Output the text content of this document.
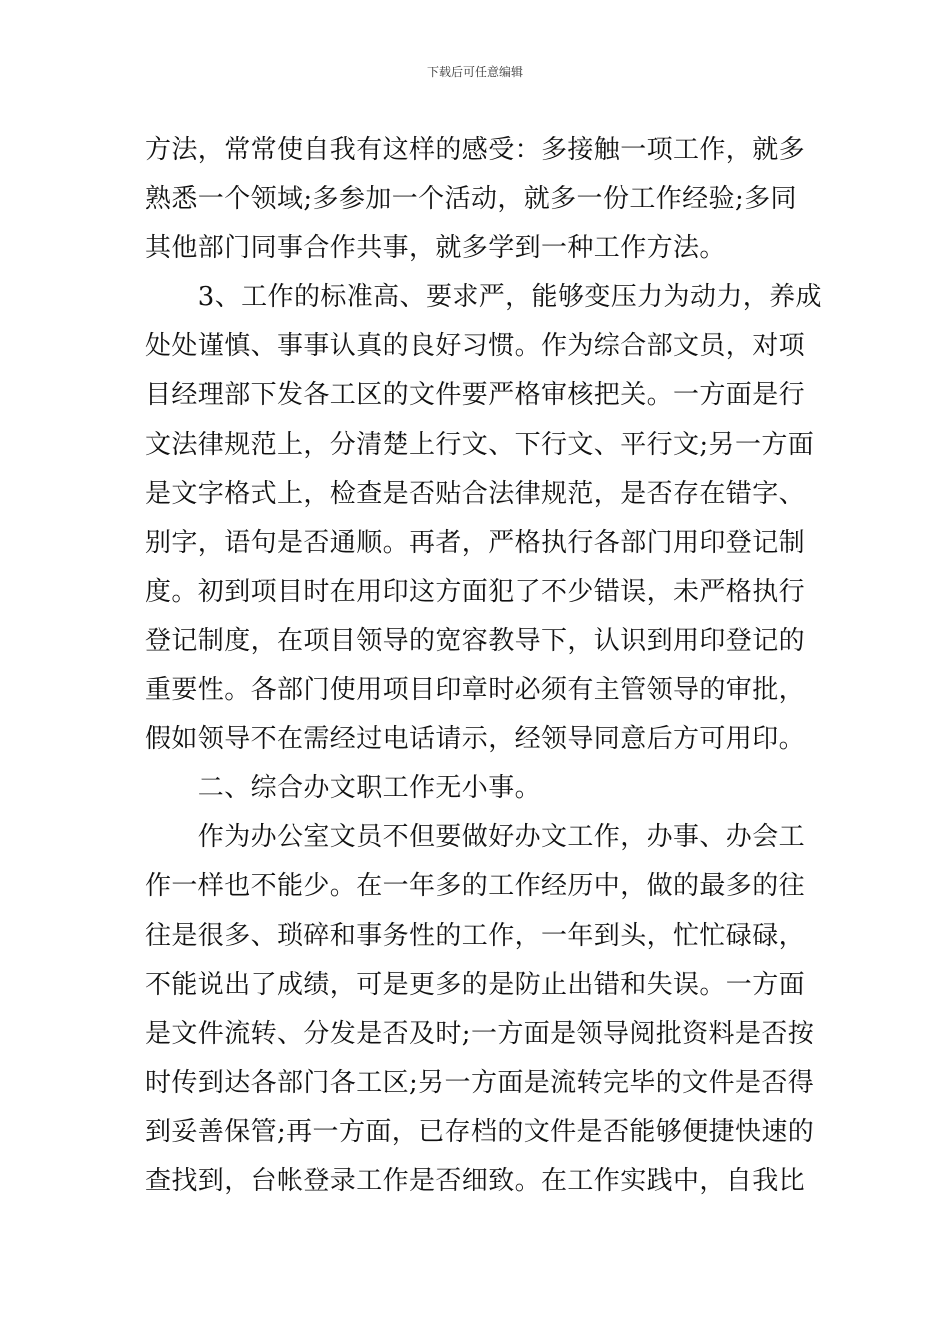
下载后可任意编辑
方法，常常使自我有这样的感受：多接触一项工作，就多
熟悉一个领域;多参加一个活动，就多一份工作经验;多同
其他部门同事合作共事，就多学到一种工作方法。
　　3、工作的标准高、要求严，能够变压力为动力，养成
处处谨慎、事事认真的良好习惯。作为综合部文员，对项
目经理部下发各工区的文件要严格审核把关。一方面是行
文法律规范上，分清楚上行文、下行文、平行文;另一方面
是文字格式上，检查是否贴合法律规范，是否存在错字、
别字，语句是否通顺。再者，严格执行各部门用印登记制
度。初到项目时在用印这方面犯了不少错误，未严格执行
登记制度，在项目领导的宽容教导下，认识到用印登记的
重要性。各部门使用项目印章时必须有主管领导的审批，
假如领导不在需经过电话请示，经领导同意后方可用印。
　　二、综合办文职工作无小事。
　　作为办公室文员不但要做好办文工作，办事、办会工
作一样也不能少。在一年多的工作经历中，做的最多的往
往是很多、琐碎和事务性的工作，一年到头，忙忙碌碌，
不能说出了成绩，可是更多的是防止出错和失误。一方面
是文件流转、分发是否及时;一方面是领导阅批资料是否按
时传到达各部门各工区;另一方面是流转完毕的文件是否得
到妥善保管;再一方面，已存档的文件是否能够便捷快速的
查找到，台帐登录工作是否细致。在工作实践中，自我比
